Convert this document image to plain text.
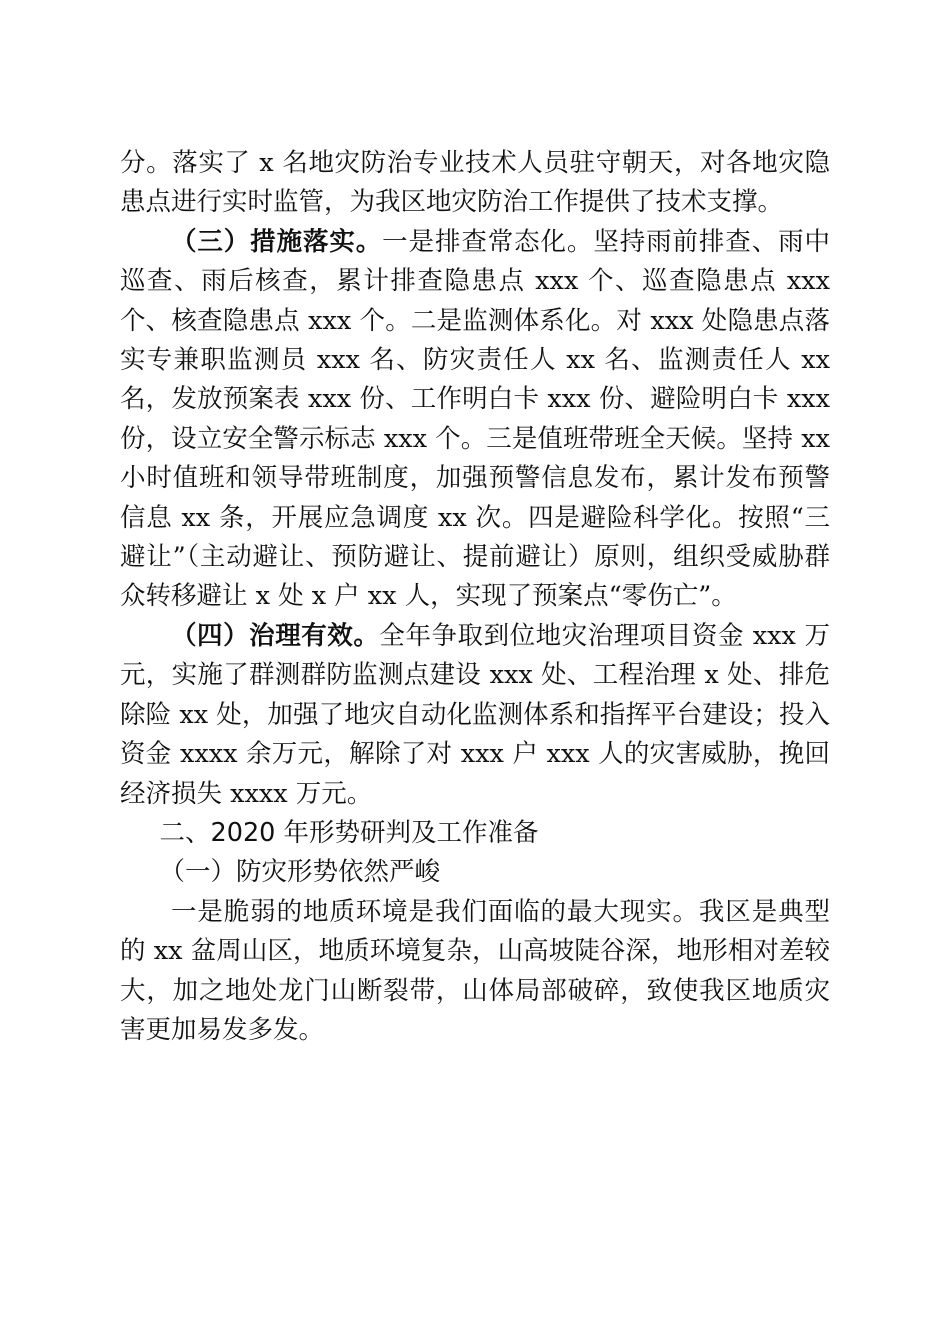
分。落实了 x 名地灾防治专业技术人员驻守朝天，对各地灾隐患点进行实时监管，为我区地灾防治工作提供了技术支撑。

（三）措施落实。一是排查常态化。坚持雨前排查、雨中巡查、雨后核查，累计排查隐患点 xxx 个、巡查隐患点 xxx 个、核查隐患点 xxx 个。二是监测体系化。对 xxx 处隐患点落实专兼职监测员 xxx 名、防灾责任人 xx 名、监测责任人 xx 名，发放预案表 xxx 份、工作明白卡 xxx 份、避险明白卡 xxx 份，设立安全警示标志 xxx 个。三是值班带班全天候。坚持 xx 小时值班和领导带班制度，加强预警信息发布，累计发布预警信息 xx 条，开展应急调度 xx 次。四是避险科学化。按照“三避让”（主动避让、预防避让、提前避让）原则，组织受威胁群众转移避让 x 处 x 户 xx 人，实现了预案点“零伤亡”。

（四）治理有效。全年争取到位地灾治理项目资金 xxx 万元，实施了群测群防监测点建设 xxx 处、工程治理 x 处、排危除险 xx 处，加强了地灾自动化监测体系和指挥平台建设；投入资金 xxxx 余万元，解除了对 xxx 户 xxx 人的灾害威胁，挽回经济损失 xxxx 万元。

二、2020 年形势研判及工作准备

（一）防灾形势依然严峻

一是脆弱的地质环境是我们面临的最大现实。我区是典型的 xx 盆周山区，地质环境复杂，山高坡陡谷深，地形相对差较大，加之地处龙门山断裂带，山体局部破碎，致使我区地质灾害更加易发多发。
